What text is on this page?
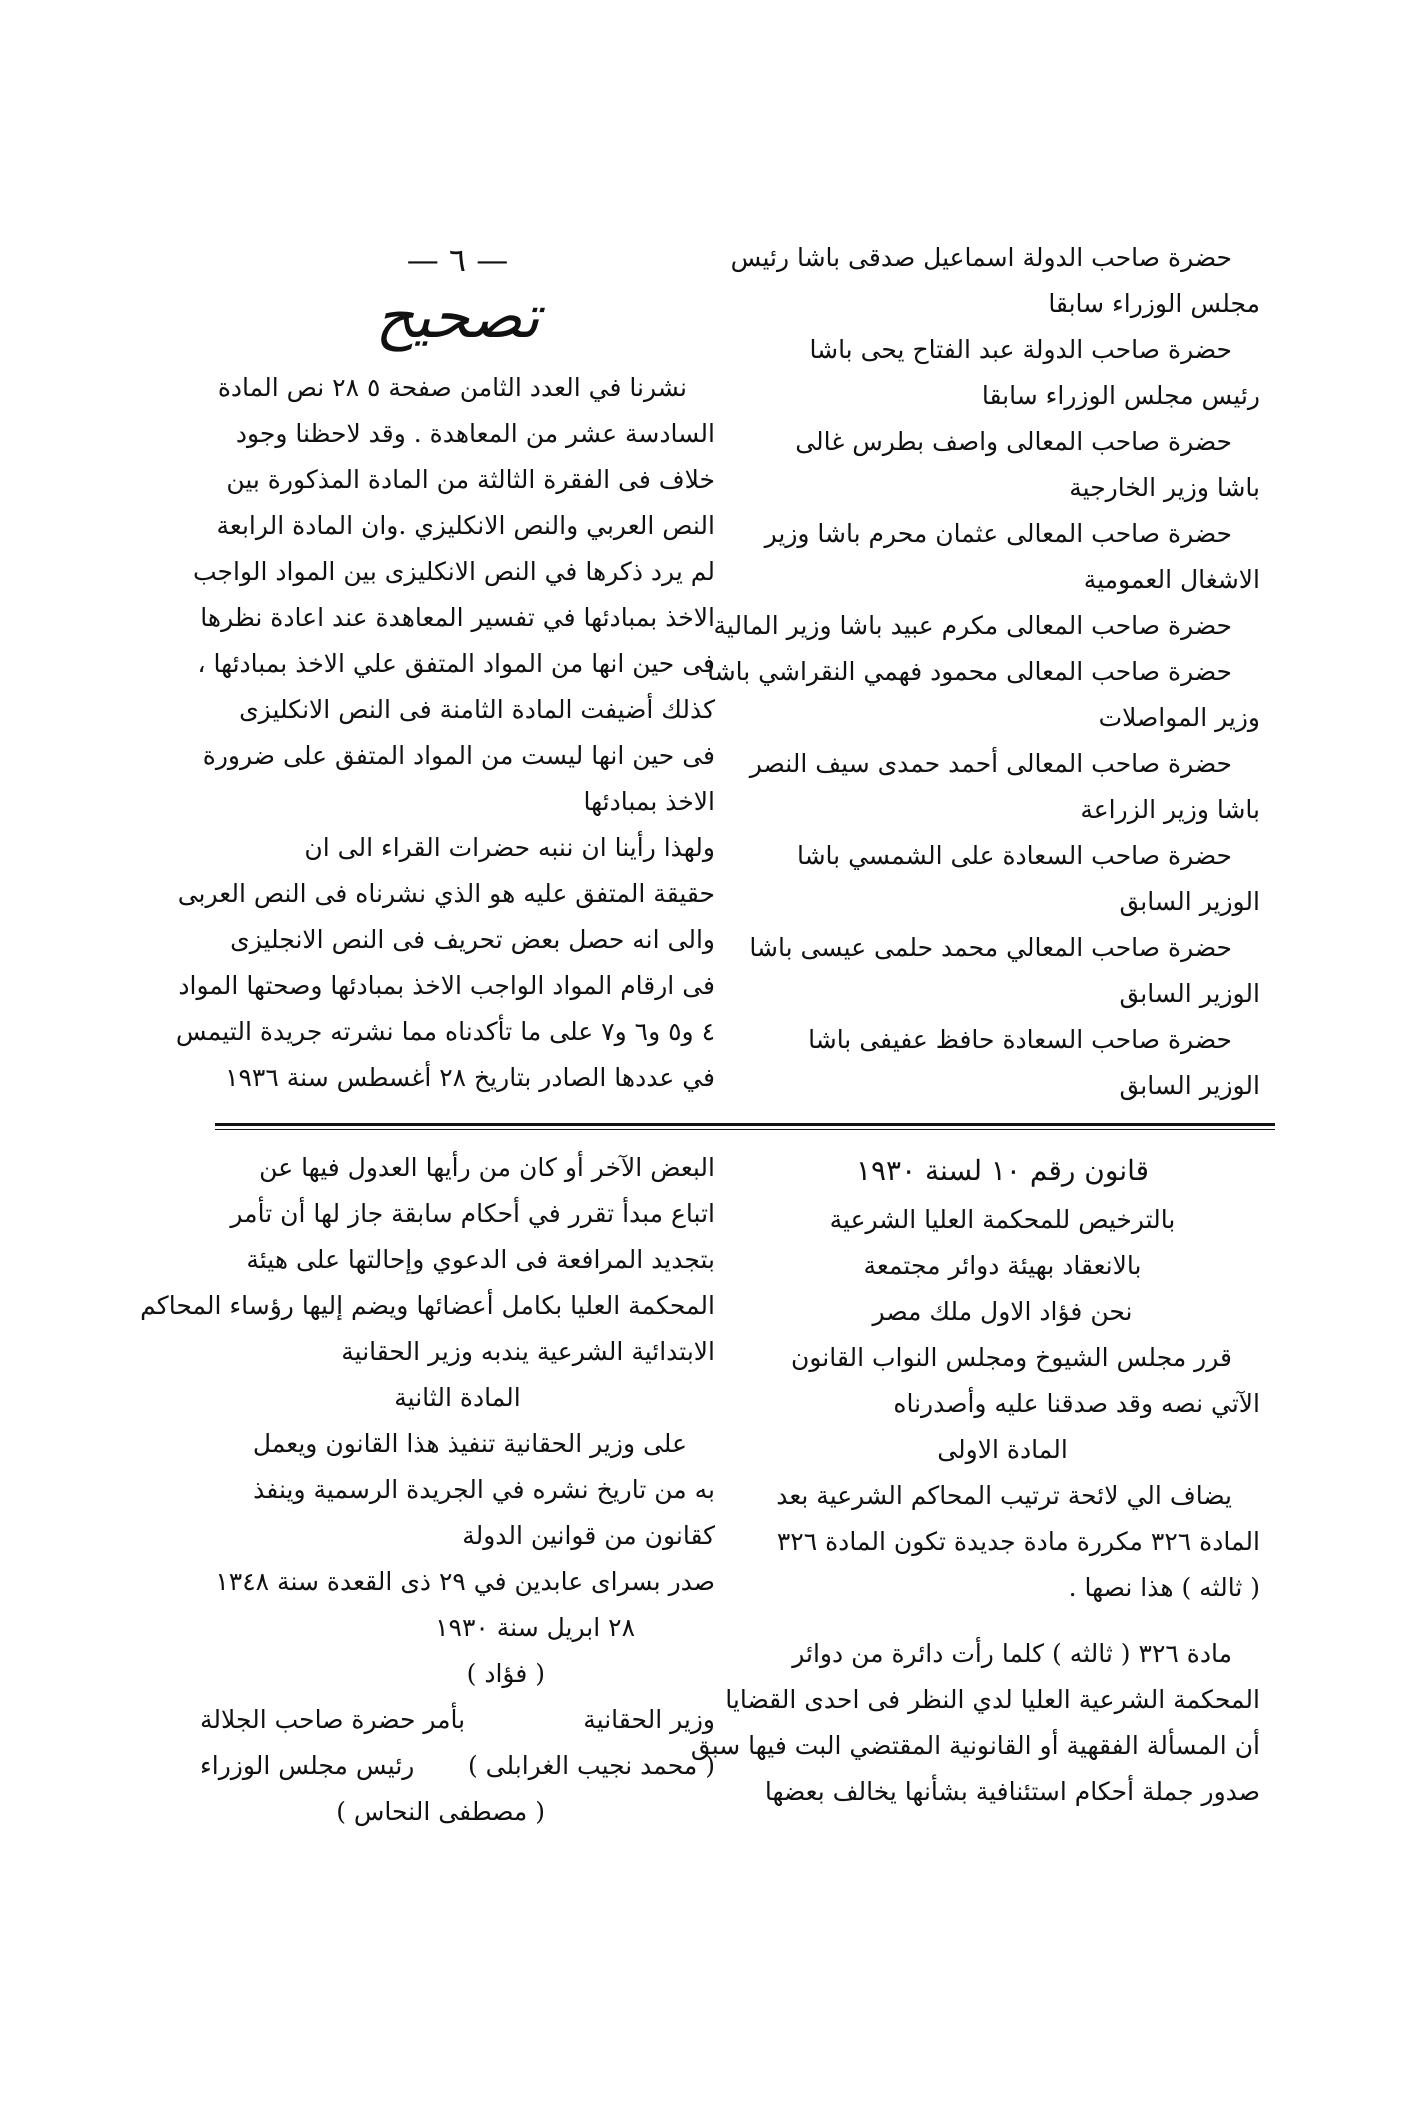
حضرة صاحب الدولة اسماعيل صدقى باشا رئيس
مجلس الوزراء سابقا
حضرة صاحب الدولة عبد الفتاح يحى باشا
رئيس مجلس الوزراء سابقا
حضرة صاحب المعالى واصف بطرس غالى
باشا وزير الخارجية
حضرة صاحب المعالى عثمان محرم باشا وزير
الاشغال العمومية
حضرة صاحب المعالى مكرم عبيد باشا وزير المالية
حضرة صاحب المعالى محمود فهمي النقراشي باشا
وزير المواصلات
حضرة صاحب المعالى أحمد حمدى سيف النصر
باشا وزير الزراعة
حضرة صاحب السعادة على الشمسي باشا
الوزير السابق
حضرة صاحب المعالي محمد حلمى عيسى باشا
الوزير السابق
حضرة صاحب السعادة حافظ عفيفى باشا
الوزير السابق
— ٦ —
تصحيح
نشرنا في العدد الثامن صفحة ٥ ٢٨ نص المادة
السادسة عشر من المعاهدة . وقد لاحظنا وجود
خلاف فى الفقرة الثالثة من المادة المذكورة بين
النص العربي والنص الانكليزي .وان المادة الرابعة
لم يرد ذكرها في النص الانكليزى بين المواد الواجب
الاخذ بمبادئها في تفسير المعاهدة عند اعادة نظرها
فى حين انها من المواد المتفق علي الاخذ بمبادئها ،
كذلك أضيفت المادة الثامنة فى النص الانكليزى
فى حين انها ليست من المواد المتفق على ضرورة
الاخذ بمبادئها
ولهذا رأينا ان ننبه حضرات القراء الى ان
حقيقة المتفق عليه هو الذي نشرناه فى النص العربى
والى انه حصل بعض تحريف فى النص الانجليزى
فى ارقام المواد الواجب الاخذ بمبادئها وصحتها المواد
٤ و٥ و٦ و٧ على ما تأكدناه مما نشرته جريدة التيمس
في عددها الصادر بتاريخ ٢٨ أغسطس سنة ١٩٣٦
قانون رقم ١٠ لسنة ١٩٣٠
بالترخيص للمحكمة العليا الشرعية
بالانعقاد بهيئة دوائر مجتمعة
نحن فؤاد الاول ملك مصر
قرر مجلس الشيوخ ومجلس النواب القانون
الآتي نصه وقد صدقنا عليه وأصدرناه
المادة الاولى
يضاف الي لائحة ترتيب المحاكم الشرعية بعد
المادة ٣٢٦ مكررة مادة جديدة تكون المادة ٣٢٦
( ثالثه ) هذا نصها .
مادة ٣٢٦ ( ثالثه ) كلما رأت دائرة من دوائر
المحكمة الشرعية العليا لدي النظر فى احدى القضايا
أن المسألة الفقهية أو القانونية المقتضي البت فيها سبق
صدور جملة أحكام استئنافية بشأنها يخالف بعضها
البعض الآخر أو كان من رأيها العدول فيها عن
اتباع مبدأ تقرر في أحكام سابقة جاز لها أن تأمر
بتجديد المرافعة فى الدعوي وإحالتها على هيئة
المحكمة العليا بكامل أعضائها ويضم إليها رؤساء المحاكم
الابتدائية الشرعية يندبه وزير الحقانية
المادة الثانية
على وزير الحقانية تنفيذ هذا القانون ويعمل
به من تاريخ نشره في الجريدة الرسمية وينفذ
كقانون من قوانين الدولة
صدر بسراى عابدين في ٢٩ ذى القعدة سنة ١٣٤٨
٢٨ ابريل سنة ١٩٣٠
( فؤاد )
وزير الحقانية
بأمر حضرة صاحب الجلالة
( محمد نجيب الغرابلى )
رئيس مجلس الوزراء
( مصطفى النحاس )
